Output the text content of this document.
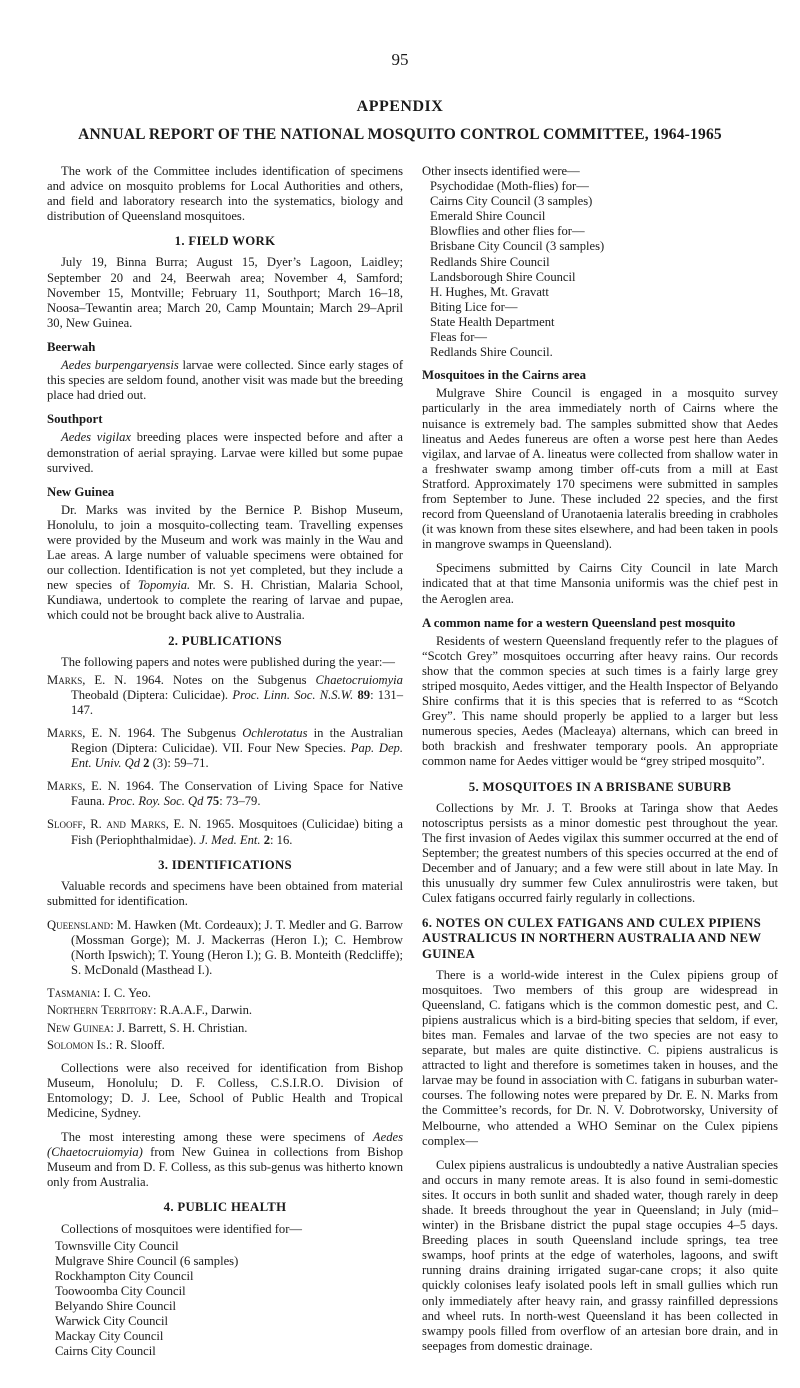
95
APPENDIX
ANNUAL REPORT OF THE NATIONAL MOSQUITO CONTROL COMMITTEE, 1964-1965

The work of the Committee includes identification of specimens and advice on mosquito problems for Local Authorities and others, and field and laboratory research into the systematics, biology and distribution of Queensland mosquitoes.

1. FIELD WORK

July 19, Binna Burra; August 15, Dyer’s Lagoon, Laidley; September 20 and 24, Beerwah area; November 4, Samford; November 15, Montville; February 11, Southport; March 16–18, Noosa–Tewantin area; March 20, Camp Mountain; March 29–April 30, New Guinea.

Beerwah

Aedes burpengaryensis larvae were collected. Since early stages of this species are seldom found, another visit was made but the breeding place had dried out.

Southport

Aedes vigilax breeding places were inspected before and after a demonstration of aerial spraying. Larvae were killed but some pupae survived.

New Guinea

Dr. Marks was invited by the Bernice P. Bishop Museum, Honolulu, to join a mosquito-collecting team. Travelling expenses were provided by the Museum and work was mainly in the Wau and Lae areas. A large number of valuable specimens were obtained for our collection. Identification is not yet completed, but they include a new species of Topomyia. Mr. S. H. Christian, Malaria School, Kundiawa, undertook to complete the rearing of larvae and pupae, which could not be brought back alive to Australia.

2. PUBLICATIONS

The following papers and notes were published during the year:—

Marks, E. N. 1964. Notes on the Subgenus Chaetocruiomyia Theobald (Diptera: Culicidae). Proc. Linn. Soc. N.S.W. 89: 131–147.
Marks, E. N. 1964. The Subgenus Ochlerotatus in the Australian Region (Diptera: Culicidae). VII. Four New Species. Pap. Dep. Ent. Univ. Qd 2 (3): 59–71.
Marks, E. N. 1964. The Conservation of Living Space for Native Fauna. Proc. Roy. Soc. Qd 75: 73–79.
Slooff, R. and Marks, E. N. 1965. Mosquitoes (Culicidae) biting a Fish (Periophthalmidae). J. Med. Ent. 2: 16.
3. IDENTIFICATIONS

Valuable records and specimens have been obtained from material submitted for identification.

Queensland: M. Hawken (Mt. Cordeaux); J. T. Medler and G. Barrow (Mossman Gorge); M. J. Mackerras (Heron I.); C. Hembrow (North Ipswich); T. Young (Heron I.); G. B. Monteith (Redcliffe); S. McDonald (Masthead I.).
Tasmania: I. C. Yeo.
Northern Territory: R.A.A.F., Darwin.
New Guinea: J. Barrett, S. H. Christian.
Solomon Is.: R. Slooff.

Collections were also received for identification from Bishop Museum, Honolulu; D. F. Colless, C.S.I.R.O. Division of Entomology; D. J. Lee, School of Public Health and Tropical Medicine, Sydney.

The most interesting among these were specimens of Aedes (Chaetocruiomyia) from New Guinea in collections from Bishop Museum and from D. F. Colless, as this sub-genus was hitherto known only from Australia.

4. PUBLIC HEALTH

Collections of mosquitoes were identified for—

Townsville City Council
Mulgrave Shire Council (6 samples)
Rockhampton City Council
Toowoomba City Council
Belyando Shire Council
Warwick City Council
Mackay City Council
Cairns City Council

Other insects identified were—

Psychodidae (Moth-flies) for—
Cairns City Council (3 samples)
Emerald Shire Council
Blowflies and other flies for—
Brisbane City Council (3 samples)
Redlands Shire Council
Landsborough Shire Council
H. Hughes, Mt. Gravatt
Biting Lice for—
State Health Department
Fleas for—
Redlands Shire Council.
Mosquitoes in the Cairns area

Mulgrave Shire Council is engaged in a mosquito survey particularly in the area immediately north of Cairns where the nuisance is extremely bad. The samples submitted show that Aedes lineatus and Aedes funereus are often a worse pest here than Aedes vigilax, and larvae of A. lineatus were collected from shallow water in a freshwater swamp among timber off-cuts from a mill at East Stratford. Approximately 170 specimens were submitted in samples from September to June. These included 22 species, and the first record from Queensland of Uranotaenia lateralis breeding in crabholes (it was known from these sites elsewhere, and had been taken in pools in mangrove swamps in Queensland).

Specimens submitted by Cairns City Council in late March indicated that at that time Mansonia uniformis was the chief pest in the Aeroglen area.

A common name for a western Queensland pest mosquito

Residents of western Queensland frequently refer to the plagues of “Scotch Grey” mosquitoes occurring after heavy rains. Our records show that the common species at such times is a fairly large grey striped mosquito, Aedes vittiger, and the Health Inspector of Belyando Shire confirms that it is this species that is referred to as “Scotch Grey”. This name should properly be applied to a larger but less numerous species, Aedes (Macleaya) alternans, which can breed in both brackish and freshwater temporary pools. An appropriate common name for Aedes vittiger would be “grey striped mosquito”.

5. MOSQUITOES IN A BRISBANE SUBURB

Collections by Mr. J. T. Brooks at Taringa show that Aedes notoscriptus persists as a minor domestic pest throughout the year. The first invasion of Aedes vigilax this summer occurred at the end of September; the greatest numbers of this species occurred at the end of December and of January; and a few were still about in late May. In this unusually dry summer few Culex annulirostris were taken, but Culex fatigans occurred fairly regularly in collections.

6. NOTES ON CULEX FATIGANS AND CULEX PIPIENS AUSTRALICUS IN NORTHERN AUSTRALIA AND NEW GUINEA

There is a world-wide interest in the Culex pipiens group of mosquitoes. Two members of this group are widespread in Queensland, C. fatigans which is the common domestic pest, and C. pipiens australicus which is a bird-biting species that seldom, if ever, bites man. Females and larvae of the two species are not easy to separate, but males are quite distinctive. C. pipiens australicus is attracted to light and therefore is sometimes taken in houses, and the larvae may be found in association with C. fatigans in suburban water-courses. The following notes were prepared by Dr. E. N. Marks from the Committee’s records, for Dr. N. V. Dobrotworsky, University of Melbourne, who attended a WHO Seminar on the Culex pipiens complex—

Culex pipiens australicus is undoubtedly a native Australian species and occurs in many remote areas. It is also found in semi-domestic sites. It occurs in both sunlit and shaded water, though rarely in deep shade. It breeds throughout the year in Queensland; in July (mid–winter) in the Brisbane district the pupal stage occupies 4–5 days. Breeding places in south Queensland include springs, tea tree swamps, hoof prints at the edge of waterholes, lagoons, and swift running drains draining irrigated sugar-cane crops; it also quite quickly colonises leafy isolated pools left in small gullies which run only immediately after heavy rain, and grassy rainfilled depressions and wheel ruts. In north-west Queensland it has been collected in swampy pools filled from overflow of an artesian bore drain, and in seepages from domestic drainage.
